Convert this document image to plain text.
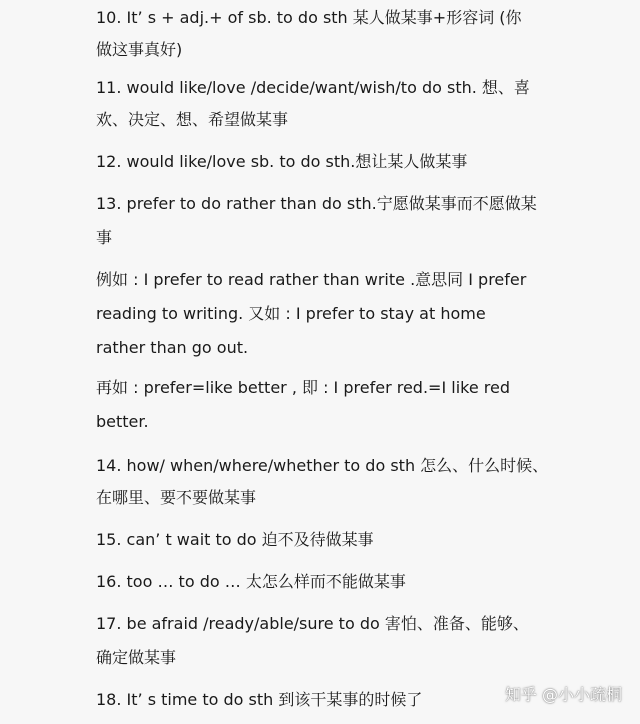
10. It’ s + adj.+ of sb. to do sth 某人做某事+形容词 (你
做这事真好)
11. would like/love /decide/want/wish/to do sth. 想、喜
欢、决定、想、希望做某事
12. would like/love sb. to do sth.想让某人做某事
13. prefer to do rather than do sth.宁愿做某事而不愿做某
事
例如 : I prefer to read rather than write .意思同 I prefer
reading to writing. 又如 : I prefer to stay at home
rather than go out.
再如 : prefer=like better , 即 : I prefer red.=I like red
better.
14. how/ when/where/whether to do sth 怎么、什么时候、
在哪里、要不要做某事
15. can’ t wait to do 迫不及待做某事
16. too … to do … 太怎么样而不能做某事
17. be afraid /ready/able/sure to do 害怕、准备、能够、
确定做某事
18. It’ s time to do sth 到该干某事的时候了	知乎 @小小疏桐
